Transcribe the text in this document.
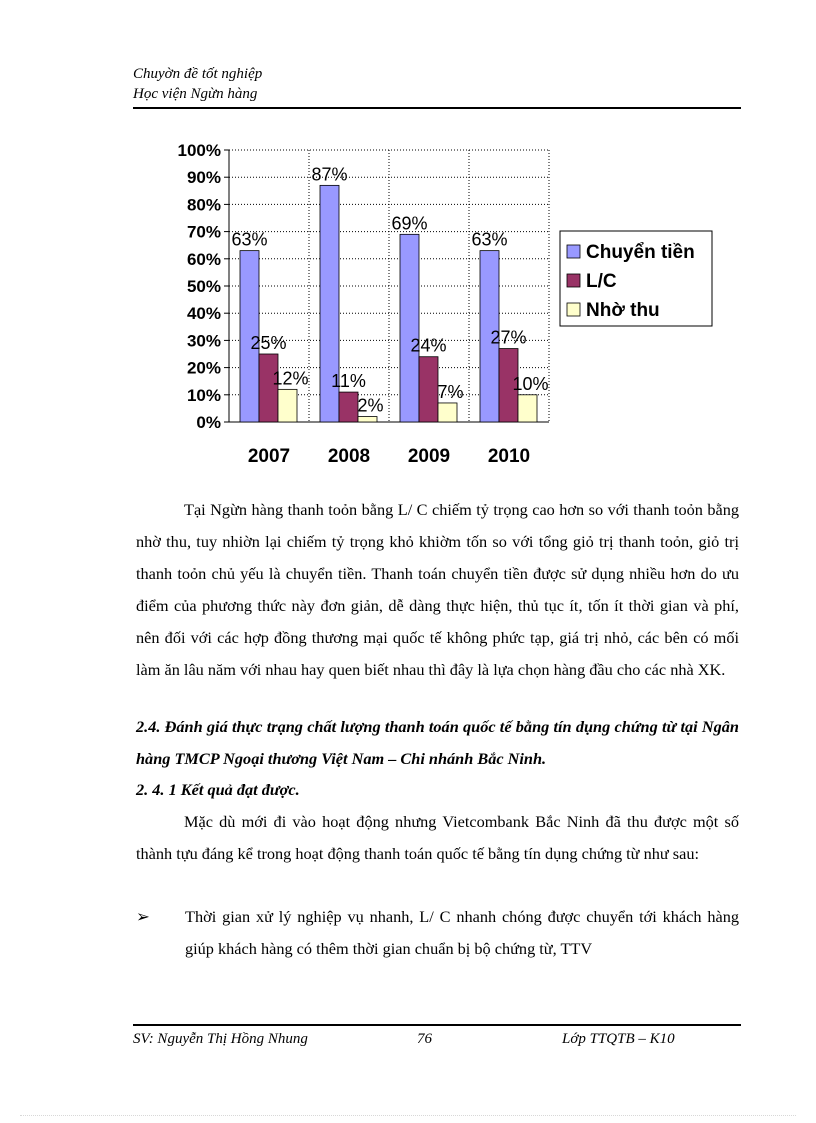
Chuyờn đề tốt nghiệp
Học viện Ngừn hàng
0%
10%
20%
30%
40%
50%
60%
70%
80%
90%
100%
63%
25%
12%
2007
87%
11%
2%
2008
69%
24%
7%
2009
63%
27%
10%
2010
Chuyển tiền
L/C
Nhờ thu
Tại Ngừn hàng thanh toỏn bằng L/ C chiếm tỷ trọng cao hơn so với thanh toỏn bằng nhờ thu, tuy nhiờn lại chiếm tỷ trọng khỏ khiờm tốn so với tổng giỏ trị thanh toỏn, giỏ trị thanh toỏn chủ yếu là chuyển tiền. Thanh toán chuyển tiền được sử dụng nhiều hơn do ưu điểm của phương thức này đơn giản, dễ dàng thực hiện, thủ tục ít, tốn ít thời gian và phí, nên đối với các hợp đồng thương mại quốc tế không phức tạp, giá trị nhỏ, các bên có mối làm ăn lâu năm với nhau hay quen biết nhau thì đây là lựa chọn hàng đầu cho các nhà XK.
2.4. Đánh giá thực trạng chất lượng thanh toán quốc tế bằng tín dụng chứng từ tại Ngân hàng TMCP Ngoại thương Việt Nam – Chi nhánh Bắc Ninh.
2. 4. 1 Kết quả đạt được.
Mặc dù mới đi vào hoạt động nhưng Vietcombank Bắc Ninh đã thu được một số thành tựu đáng kể trong hoạt động thanh toán quốc tế bằng tín dụng chứng từ như sau:
➢	Thời gian xử lý nghiệp vụ nhanh, L/ C nhanh chóng được chuyển tới khách hàng giúp khách hàng có thêm thời gian chuẩn bị bộ chứng từ, TTV
SV: Nguyễn Thị Hồng Nhung	76	Lớp TTQTB – K10
